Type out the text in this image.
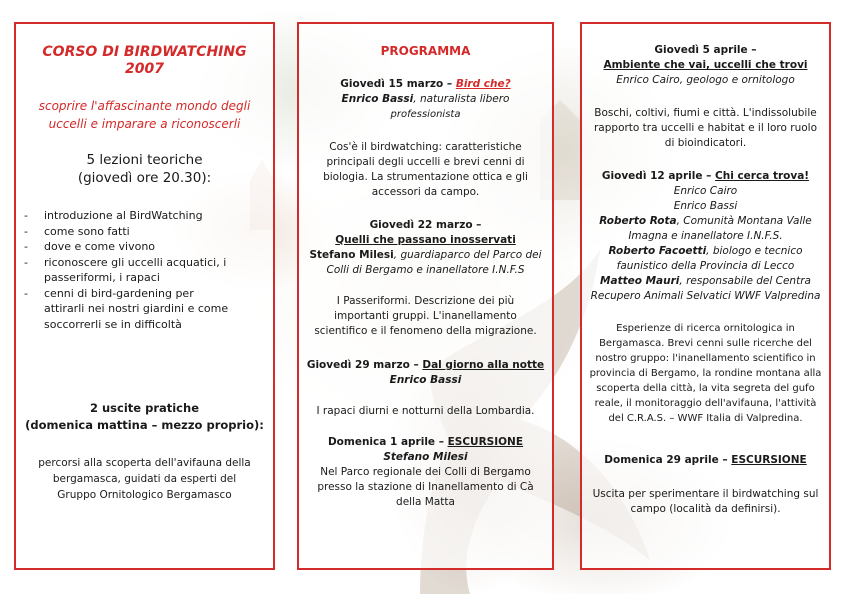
CORSO DI BIRDWATCHING
2007
scoprire l'affascinante mondo degli
uccelli e imparare a riconoscerli
5 lezioni teoriche
(giovedì ore 20.30):
- introduzione al BirdWatching
- come sono fatti
- dove e come vivono
- riconoscere gli uccelli acquatici, i
passeriformi, i rapaci
- cenni di bird-gardening per
attirarli nei nostri giardini e come
soccorrerli se in difficoltà
2 uscite pratiche
(domenica mattina – mezzo proprio):
percorsi alla scoperta dell'avifauna della
bergamasca, guidati da esperti del
Gruppo Ornitologico Bergamasco
PROGRAMMA
Giovedì 15 marzo – Bird che?
Enrico Bassi, naturalista libero
professionista
Cos'è il birdwatching: caratteristiche
principali degli uccelli e brevi cenni di
biologia. La strumentazione ottica e gli
accessori da campo.
Giovedì 22 marzo –
Quelli che passano inosservati
Stefano Milesi, guardiaparco del Parco dei
Colli di Bergamo e inanellatore I.N.F.S
I Passeriformi. Descrizione dei più
importanti gruppi. L'inanellamento
scientifico e il fenomeno della migrazione.
Giovedì 29 marzo – Dal giorno alla notte
Enrico Bassi
I rapaci diurni e notturni della Lombardia.
Domenica 1 aprile – ESCURSIONE
Stefano Milesi
Nel Parco regionale dei Colli di Bergamo
presso la stazione di Inanellamento di Cà
della Matta
Giovedì 5 aprile –
Ambiente che vai, uccelli che trovi
Enrico Cairo, geologo e ornitologo
Boschi, coltivi, fiumi e città. L'indissolubile
rapporto tra uccelli e habitat e il loro ruolo
di bioindicatori.
Giovedì 12 aprile – Chi cerca trova!
Enrico Cairo
Enrico Bassi
Roberto Rota, Comunità Montana Valle
Imagna e inanellatore I.N.F.S.
Roberto Facoetti, biologo e tecnico
faunistico della Provincia di Lecco
Matteo Mauri, responsabile del Centra
Recupero Animali Selvatici WWF Valpredina
Esperienze di ricerca ornitologica in
Bergamasca. Brevi cenni sulle ricerche del
nostro gruppo: l'inanellamento scientifico in
provincia di Bergamo, la rondine montana alla
scoperta della città, la vita segreta del gufo
reale, il monitoraggio dell'avifauna, l'attività
del C.R.A.S. – WWF Italia di Valpredina.
Domenica 29 aprile – ESCURSIONE
Uscita per sperimentare il birdwatching sul
campo (località da definirsi).
